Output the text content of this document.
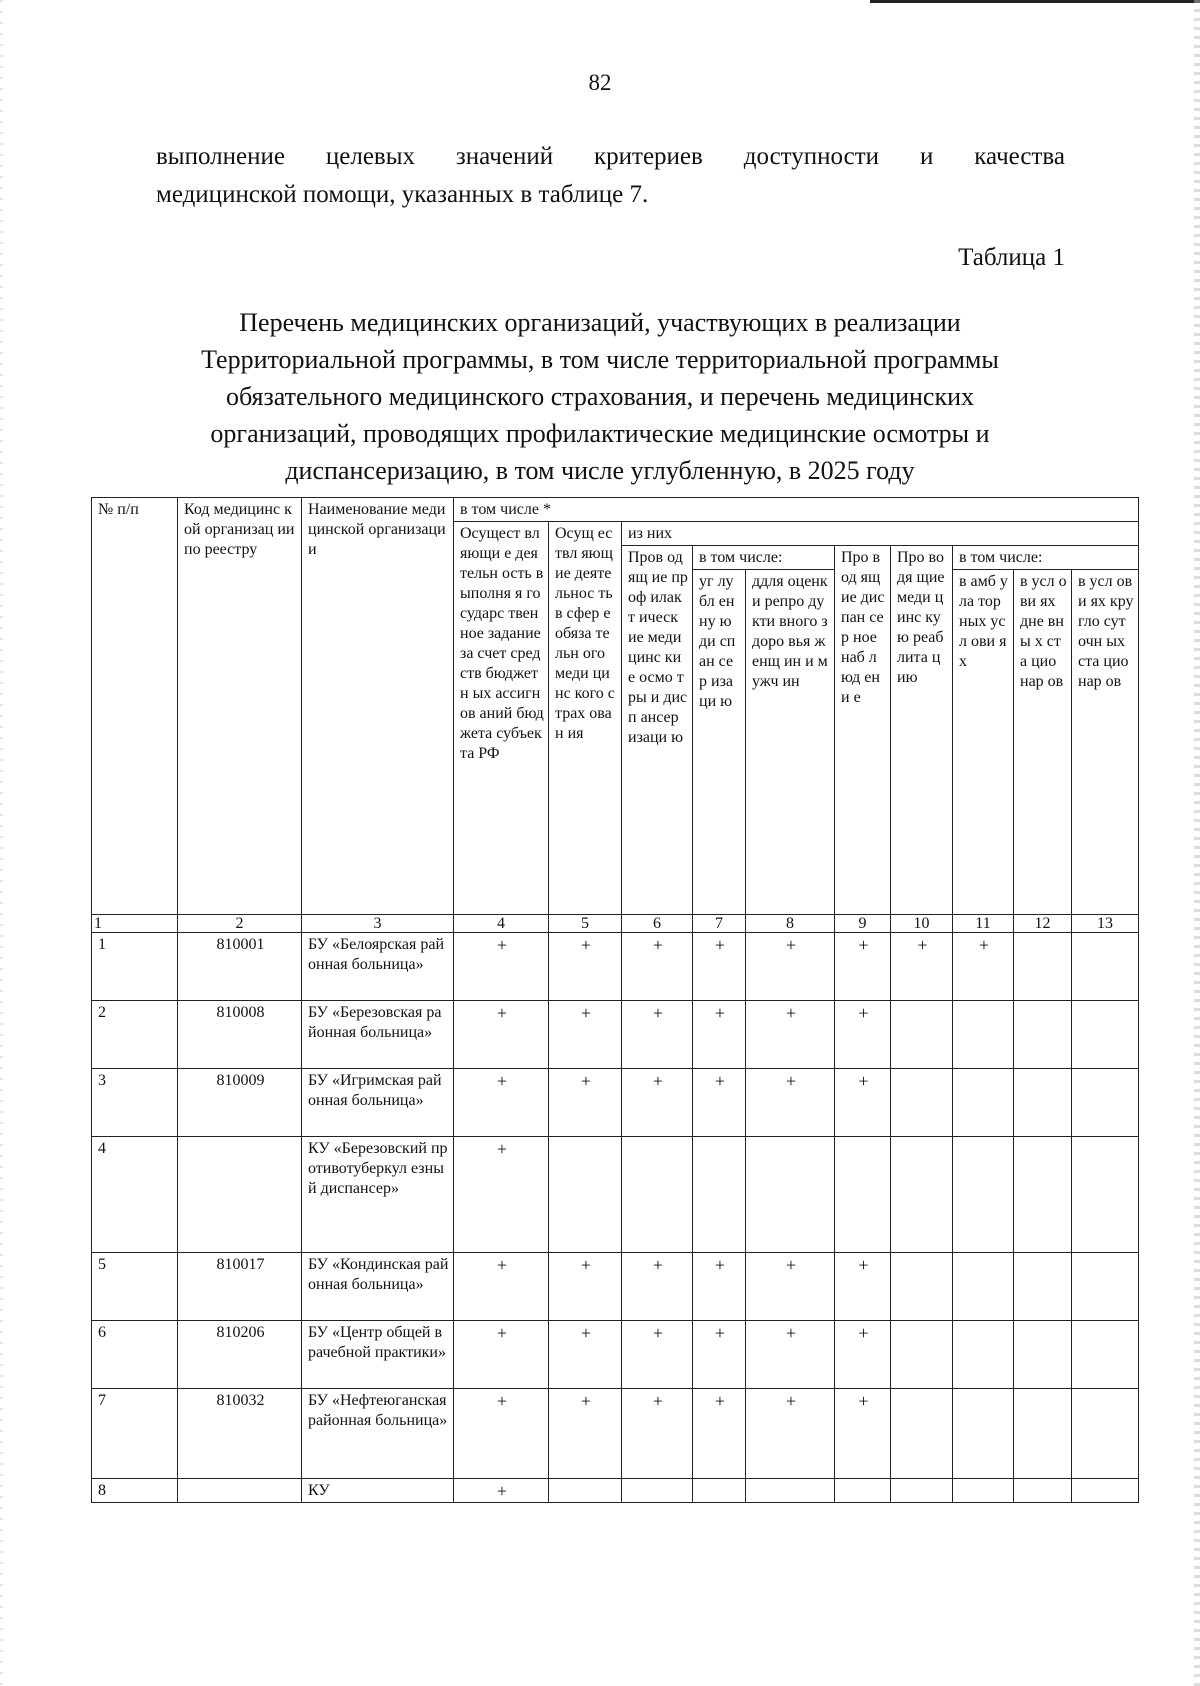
82
выполнение целевых значений критериев доступности и качества
медицинской помощи, указанных в таблице 7.
Таблица 1
Перечень медицинских организаций, участвующих в реализации
Территориальной программы, в том числе территориальной программы
обязательного медицинского страхования, и перечень медицинских
организаций, проводящих профилактические медицинские осмотры и
диспансеризацию, в том числе углубленную, в 2025 году
№ п/п	Код медицинс кой организац ии по реестру	Наименование медицинской организации	в том числе *									
			Осущест вляющи е деятельн ость выполня я государс твенное задание за счет средств бюджетн ых ассигнов аний бюджета субъекта РФ	Осущ ествл яющ ие деяте льнос ть в сфер е обяза тельн ого меди цинс кого страх ован ия	из них							
					Пров одящ ие проф илакт ическ ие меди цинс кие осмо тры и дисп ансер изаци ю	в том числе:		Про вод ящ ие дис пан сер ное наб люд ени е	Про водя щие меди цинс кую реаб лита цию	в том числе:		
						уг лу бл ен ну ю ди сп ан сер иза ци ю	ддля оценк и репро дукти вного здоро вья женщ ин и мужч ин			в амб ула тор ных усл ови ях	в усл ови ях дне вны х ста цио нар ов	в усл ови ях кру гло сут очн ых ста цио нар ов
1	2	3	4	5	6	7	8	9	10	11	12	13
1	810001	БУ «Белоярская районная больница»	+	+	+	+	+	+	+	+		
2	810008	БУ «Березовская районная больница»	+	+	+	+	+	+				
3	810009	БУ «Игримская районная больница»	+	+	+	+	+	+				
4		КУ «Березовский противотуберкул езный диспансер»	+									
5	810017	БУ «Кондинская районная больница»	+	+	+	+	+	+				
6	810206	БУ «Центр общей врачебной практики»	+	+	+	+	+	+				
7	810032	БУ «Нефтеюганская районная больница»	+	+	+	+	+	+				
8		КУ	+									
